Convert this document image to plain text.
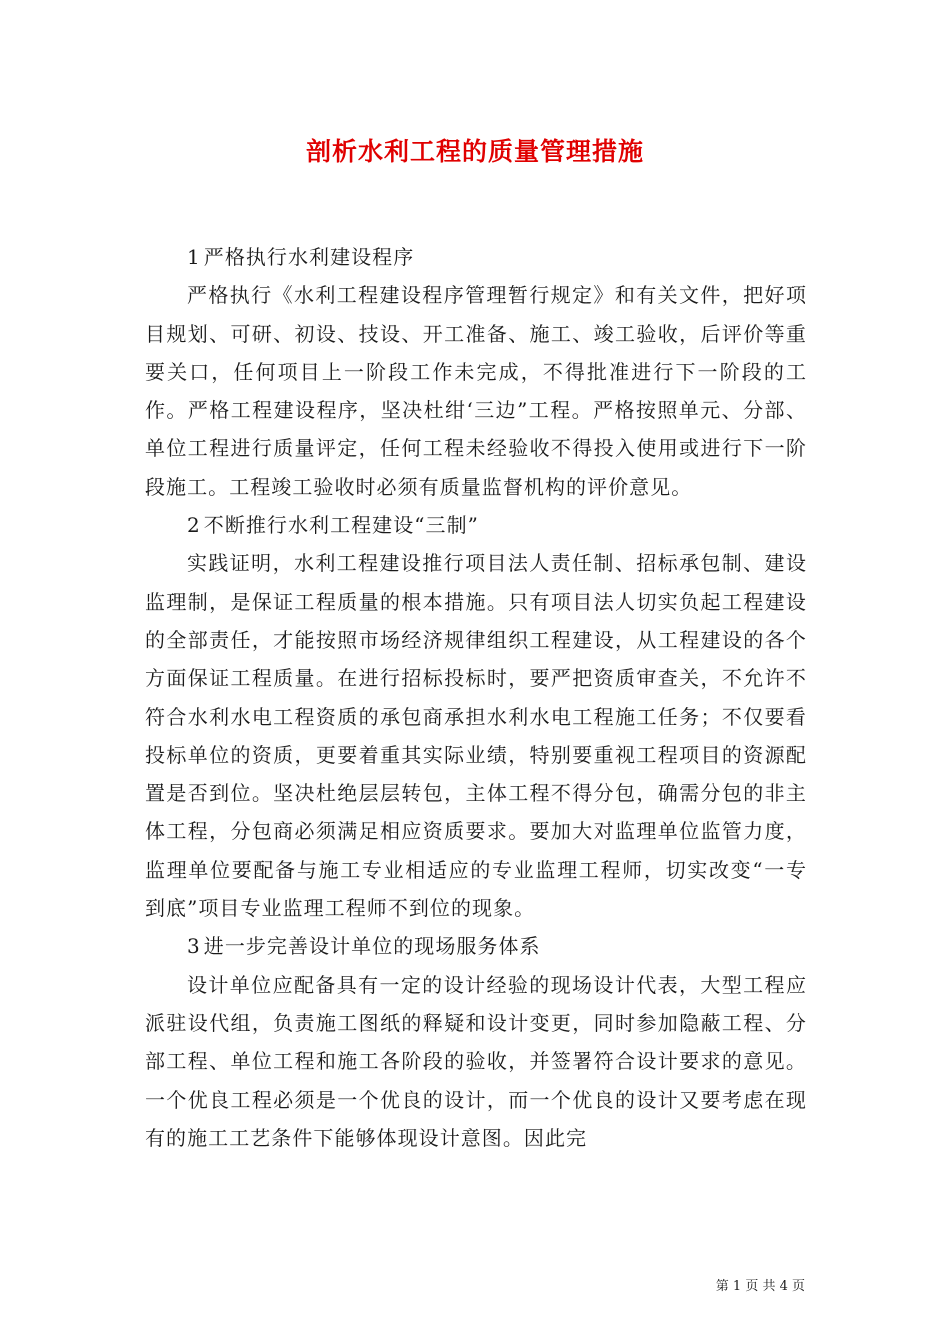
剖析水利工程的质量管理措施

1 严格执行水利建设程序

严格执行《水利工程建设程序管理暂行规定》和有关文件，把好项目规划、可研、初设、技设、开工准备、施工、竣工验收，后评价等重要关口，任何项目上一阶段工作未完成，不得批准进行下一阶段的工作。严格工程建设程序，坚决杜绀‘三边”工程。严格按照单元、分部、单位工程进行质量评定，任何工程未经验收不得投入使用或进行下一阶段施工。工程竣工验收时必须有质量监督机构的评价意见。

2 不断推行水利工程建设“三制”

实践证明，水利工程建设推行项目法人责任制、招标承包制、建设监理制，是保证工程质量的根本措施。只有项目法人切实负起工程建设的全部责任，才能按照市场经济规律组织工程建设，从工程建设的各个方面保证工程质量。在进行招标投标时，要严把资质审查关，不允许不符合水利水电工程资质的承包商承担水利水电工程施工任务；不仅要看投标单位的资质，更要着重其实际业绩，特别要重视工程项目的资源配置是否到位。坚决杜绝层层转包，主体工程不得分包，确需分包的非主体工程，分包商必须满足相应资质要求。要加大对监理单位监管力度，监理单位要配备与施工专业相适应的专业监理工程师，切实改变“一专到底”项目专业监理工程师不到位的现象。

3 进一步完善设计单位的现场服务体系

设计单位应配备具有一定的设计经验的现场设计代表，大型工程应派驻设代组，负责施工图纸的释疑和设计变更，同时参加隐蔽工程、分部工程、单位工程和施工各阶段的验收，并签署符合设计要求的意见。一个优良工程必须是一个优良的设计，而一个优良的设计又要考虑在现有的施工工艺条件下能够体现设计意图。因此完

第 1 页 共 4 页
